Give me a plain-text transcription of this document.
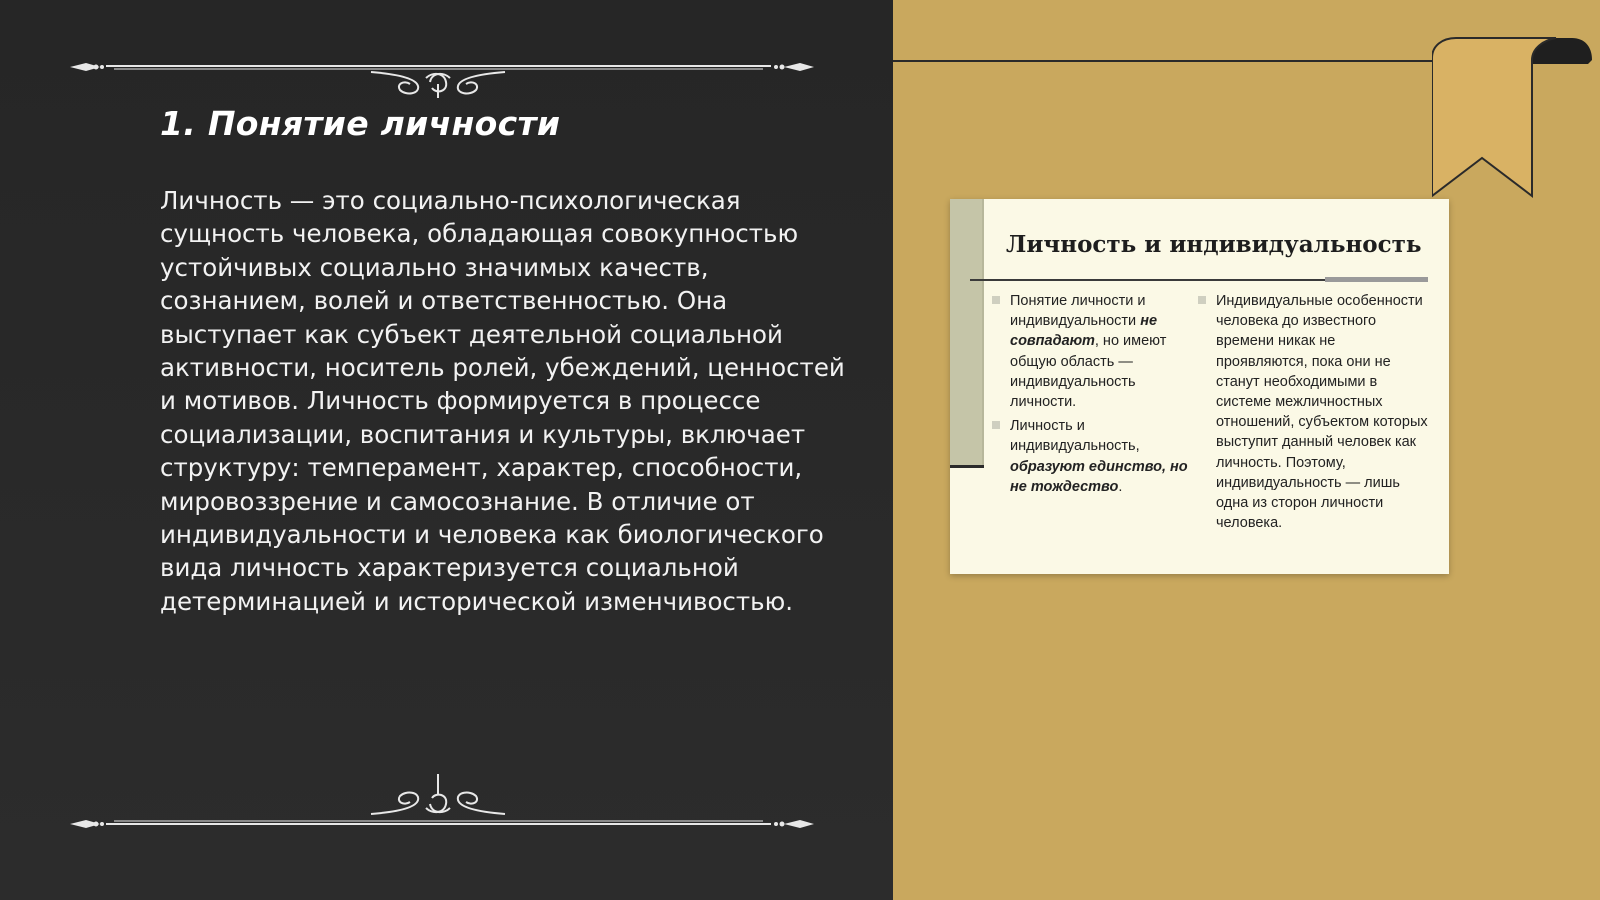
1. Понятие личности

Личность — это социально-психологическая сущность человека, обладающая совокупностью устойчивых социально значимых качеств, сознанием, волей и ответственностью. Она выступает как субъект деятельной социальной активности, носитель ролей, убеждений, ценностей и мотивов. Личность формируется в процессе социализации, воспитания и культуры, включает структуру: темперамент, характер, способности, мировоззрение и самосознание. В отличие от индивидуальности и человека как биологического вида личность характеризуется социальной детерминацией и исторической изменчивостью.

Личность и индивидуальность

Понятие личности и индивидуальности не совпадают, но имеют общую область — индивидуальность личности.

Личность и индивидуальность, образуют единство, но не тождество.

Индивидуальные особенности человека до известного времени никак не проявляются, пока они не станут необходимыми в системе межличностных отношений, субъектом которых выступит данный человек как личность. Поэтому, индивидуальность — лишь одна из сторон личности человека.
